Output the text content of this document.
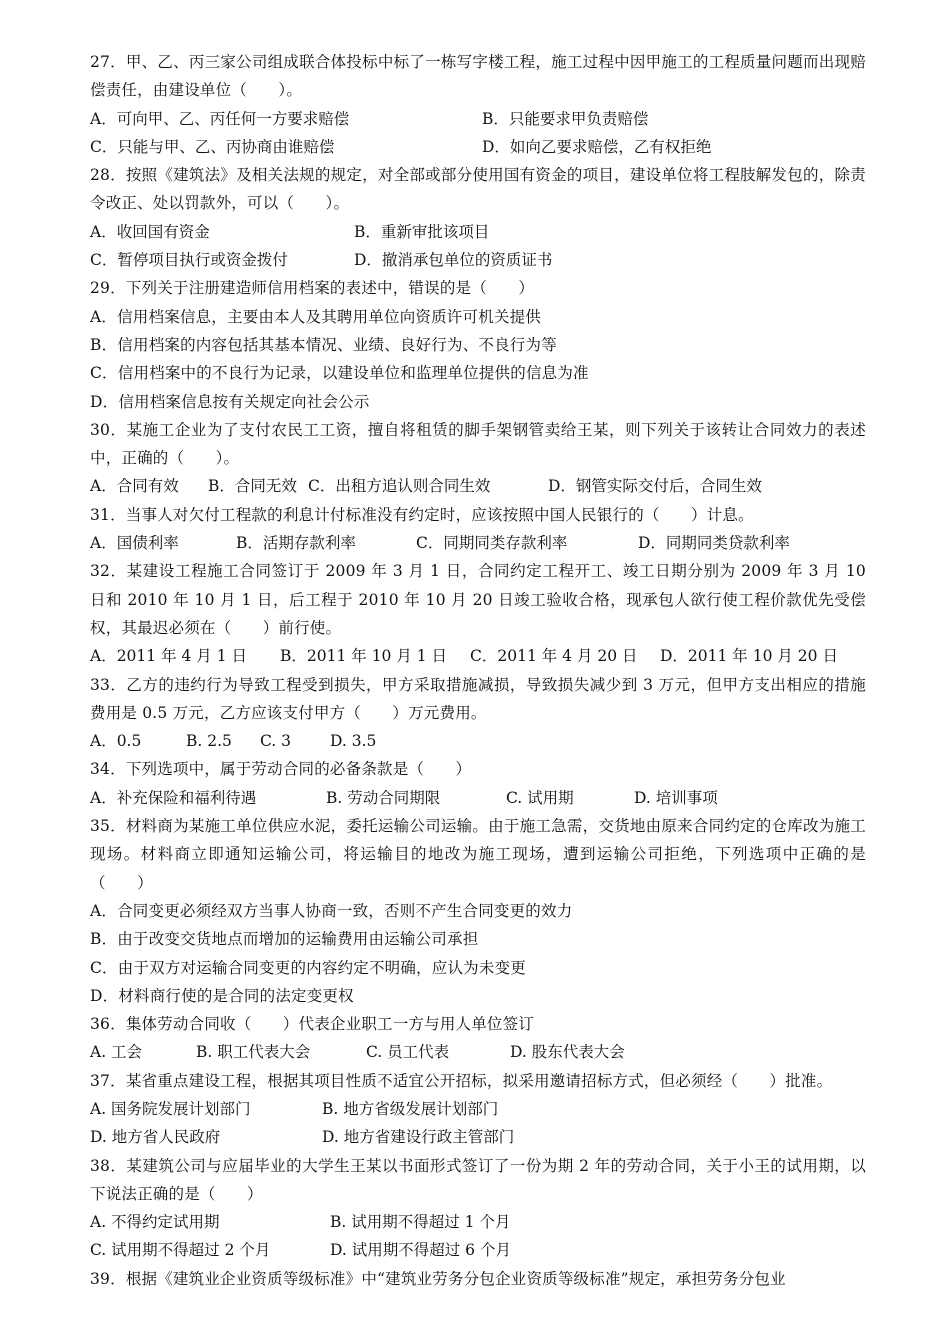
27．甲、乙、丙三家公司组成联合体投标中标了一栋写字楼工程，施工过程中因甲施工的工程质量问题而出现赔偿责任，由建设单位（　　）。

A．可向甲、乙、丙任何一方要求赔偿	B．只能要求甲负责赔偿
C．只能与甲、乙、丙协商由谁赔偿	D．如向乙要求赔偿，乙有权拒绝

28．按照《建筑法》及相关法规的规定，对全部或部分使用国有资金的项目，建设单位将工程肢解发包的，除责令改正、处以罚款外，可以（　　）。

A．收回国有资金	B．重新审批该项目
C．暂停项目执行或资金拨付	D．撤消承包单位的资质证书

29．下列关于注册建造师信用档案的表述中，错误的是（　　）

A．信用档案信息，主要由本人及其聘用单位向资质许可机关提供

B．信用档案的内容包括其基本情况、业绩、良好行为、不良行为等

C．信用档案中的不良行为记录，以建设单位和监理单位提供的信息为准

D．信用档案信息按有关规定向社会公示

30．某施工企业为了支付农民工工资，擅自将租赁的脚手架钢管卖给王某，则下列关于该转让合同效力的表述中，正确的（　　）。

A．合同有效 B．合同无效 C．出租方追认则合同生效	D．钢管实际交付后，合同生效

31．当事人对欠付工程款的利息计付标准没有约定时，应该按照中国人民银行的（　　）计息。

A．国债利率	B．活期存款利率	C．同期同类存款利率	D．同期同类贷款利率

32．某建设工程施工合同签订于 2009 年 3 月 1 日，合同约定工程开工、竣工日期分别为 2009 年 3 月 10 日和 2010 年 10 月 1 日，后工程于 2010 年 10 月 20 日竣工验收合格，现承包人欲行使工程价款优先受偿权，其最迟必须在（　　）前行使。

A．2011 年 4 月 1 日 B．2011 年 10 月 1 日 C．2011 年 4 月 20 日 D．2011 年 10 月 20 日

33．乙方的违约行为导致工程受到损失，甲方采取措施减损，导致损失减少到 3 万元，但甲方支出相应的措施费用是 0.5 万元，乙方应该支付甲方（　　）万元费用。

A．0.5	B. 2.5 C. 3	D. 3.5

34．下列选项中，属于劳动合同的必备条款是（　　）

A．补充保险和福利待遇	B. 劳动合同期限	C. 试用期	D. 培训事项

35．材料商为某施工单位供应水泥，委托运输公司运输。由于施工急需，交货地由原来合同约定的仓库改为施工现场。材料商立即通知运输公司，将运输目的地改为施工现场，遭到运输公司拒绝，下列选项中正确的是（　　）

A．合同变更必须经双方当事人协商一致，否则不产生合同变更的效力

B．由于改变交货地点而增加的运输费用由运输公司承担

C．由于双方对运输合同变更的内容约定不明确，应认为未变更

D．材料商行使的是合同的法定变更权

36．集体劳动合同收（　　）代表企业职工一方与用人单位签订

A. 工会	B. 职工代表大会	C. 员工代表	D. 股东代表大会

37．某省重点建设工程，根据其项目性质不适宜公开招标，拟采用邀请招标方式，但必须经（　　）批准。

A. 国务院发展计划部门	B. 地方省级发展计划部门
D. 地方省人民政府	D. 地方省建设行政主管部门

38．某建筑公司与应届毕业的大学生王某以书面形式签订了一份为期 2 年的劳动合同，关于小王的试用期，以下说法正确的是（　　）

A. 不得约定试用期	B. 试用期不得超过 1 个月
C. 试用期不得超过 2 个月	D. 试用期不得超过 6 个月

39．根据《建筑业企业资质等级标准》中“建筑业劳务分包企业资质等级标准”规定，承担劳务分包业
